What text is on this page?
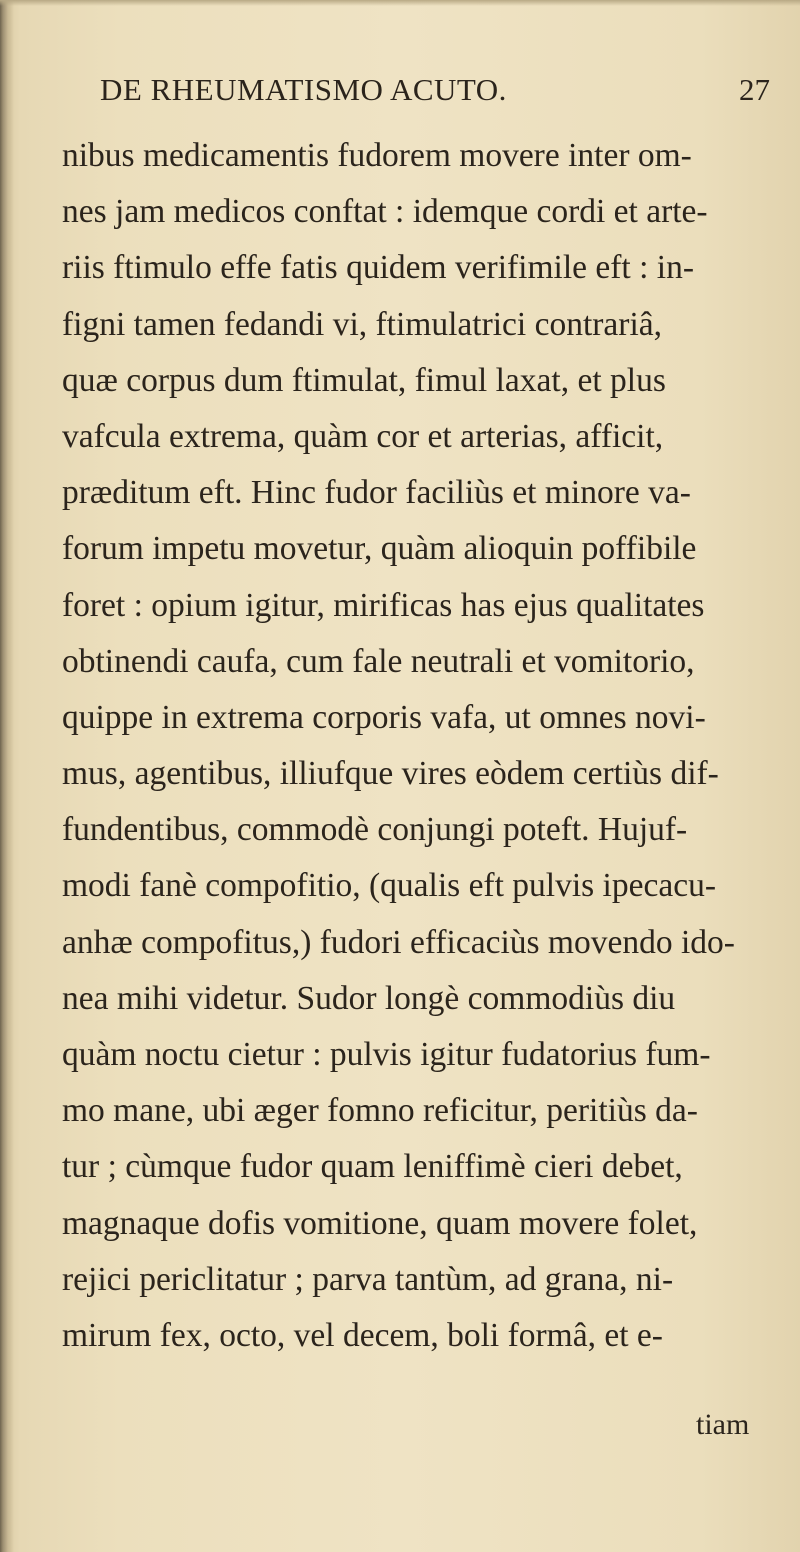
DE RHEUMATISMO ACUTO.	27
nibus medicamentis fudorem movere inter om-
nes jam medicos conftat : idemque cordi et arte-
riis ftimulo effe fatis quidem verifimile eft : in-
figni tamen fedandi vi, ftimulatrici contrariâ,
quæ corpus dum ftimulat, fimul laxat, et plus
vafcula extrema, quàm cor et arterias, afficit,
præditum eft. Hinc fudor faciliùs et minore va-
forum impetu movetur, quàm alioquin poffibile
foret : opium igitur, mirificas has ejus qualitates
obtinendi caufa, cum fale neutrali et vomitorio,
quippe in extrema corporis vafa, ut omnes novi-
mus, agentibus, illiufque vires eòdem certiùs dif-
fundentibus, commodè conjungi poteft. Hujuf-
modi fanè compofitio, (qualis eft pulvis ipecacu-
anhæ compofitus,) fudori efficaciùs movendo ido-
nea mihi videtur. Sudor longè commodiùs diu
quàm noctu cietur : pulvis igitur fudatorius fum-
mo mane, ubi æger fomno reficitur, peritiùs da-
tur ; cùmque fudor quam leniffimè cieri debet,
magnaque dofis vomitione, quam movere folet,
rejici periclitatur ; parva tantùm, ad grana, ni-
mirum fex, octo, vel decem, boli formâ, et e-
tiam
